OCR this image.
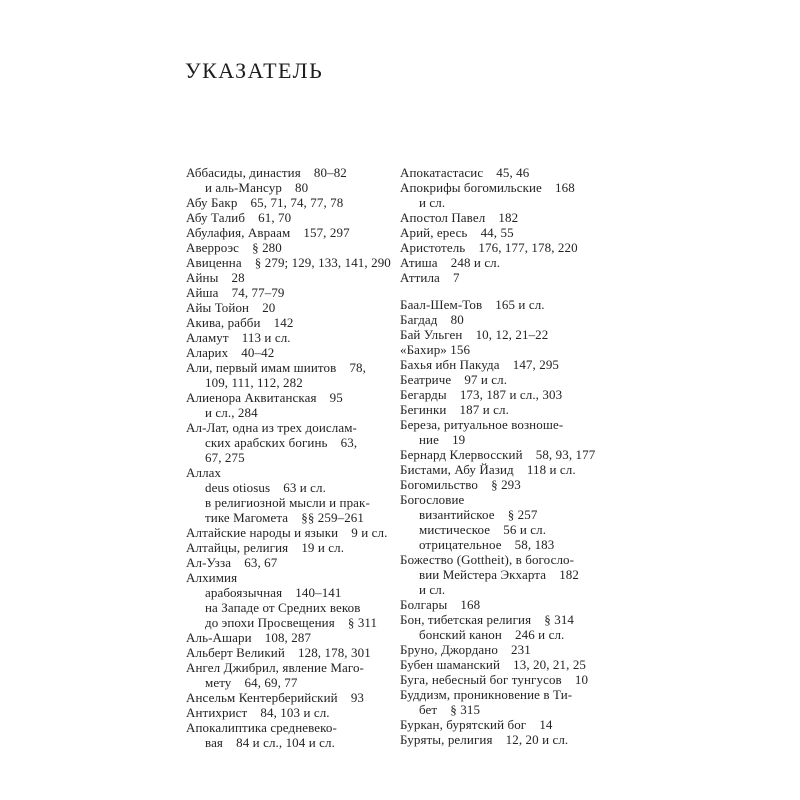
УКАЗАТЕЛЬ
Аббасиды, династия 80–82
и аль-Мансур 80
Абу Бакр 65, 71, 74, 77, 78
Абу Талиб 61, 70
Абулафия, Авраам 157, 297
Аверроэс § 280
Авиценна § 279; 129, 133, 141, 290
Айны 28
Айша 74, 77–79
Айы Тойон 20
Акива, рабби 142
Аламут 113 и сл.
Аларих 40–42
Али, первый имам шиитов 78,
109, 111, 112, 282
Алиенора Аквитанская 95
и сл., 284
Ал-Лат, одна из трех доислам-
ских арабских богинь 63,
67, 275
Аллах
deus otiosus 63 и сл.
в религиозной мысли и прак-
тике Магомета §§ 259–261
Алтайские народы и языки 9 и сл.
Алтайцы, религия 19 и сл.
Ал-Узза 63, 67
Алхимия
арабоязычная 140–141
на Западе от Средних веков
до эпохи Просвещения § 311
Аль-Ашари 108, 287
Альберт Великий 128, 178, 301
Ангел Джибрил, явление Маго-
мету 64, 69, 77
Ансельм Кентерберийский 93
Антихрист 84, 103 и сл.
Апокалиптика средневеко-
вая 84 и сл., 104 и сл.
Апокатастасис 45, 46
Апокрифы богомильские 168
и сл.
Апостол Павел 182
Арий, ересь 44, 55
Аристотель 176, 177, 178, 220
Атиша 248 и сл.
Аттила 7
Баал-Шем-Тов 165 и сл.
Багдад 80
Бай Ульген 10, 12, 21–22
«Бахир» 156
Бахья ибн Пакуда 147, 295
Беатриче 97 и сл.
Бегарды 173, 187 и сл., 303
Бегинки 187 и сл.
Береза, ритуальное возноше-
ние 19
Бернард Клервосский 58, 93, 177
Бистами, Абу Йазид 118 и сл.
Богомильство § 293
Богословие
византийское § 257
мистическое 56 и сл.
отрицательное 58, 183
Божество (Gottheit), в богосло-
вии Мейстера Экхарта 182
и сл.
Болгары 168
Бон, тибетская религия § 314
бонский канон 246 и сл.
Бруно, Джордано 231
Бубен шаманский 13, 20, 21, 25
Буга, небесный бог тунгусов 10
Буддизм, проникновение в Ти-
бет § 315
Буркан, бурятский бог 14
Буряты, религия 12, 20 и сл.
